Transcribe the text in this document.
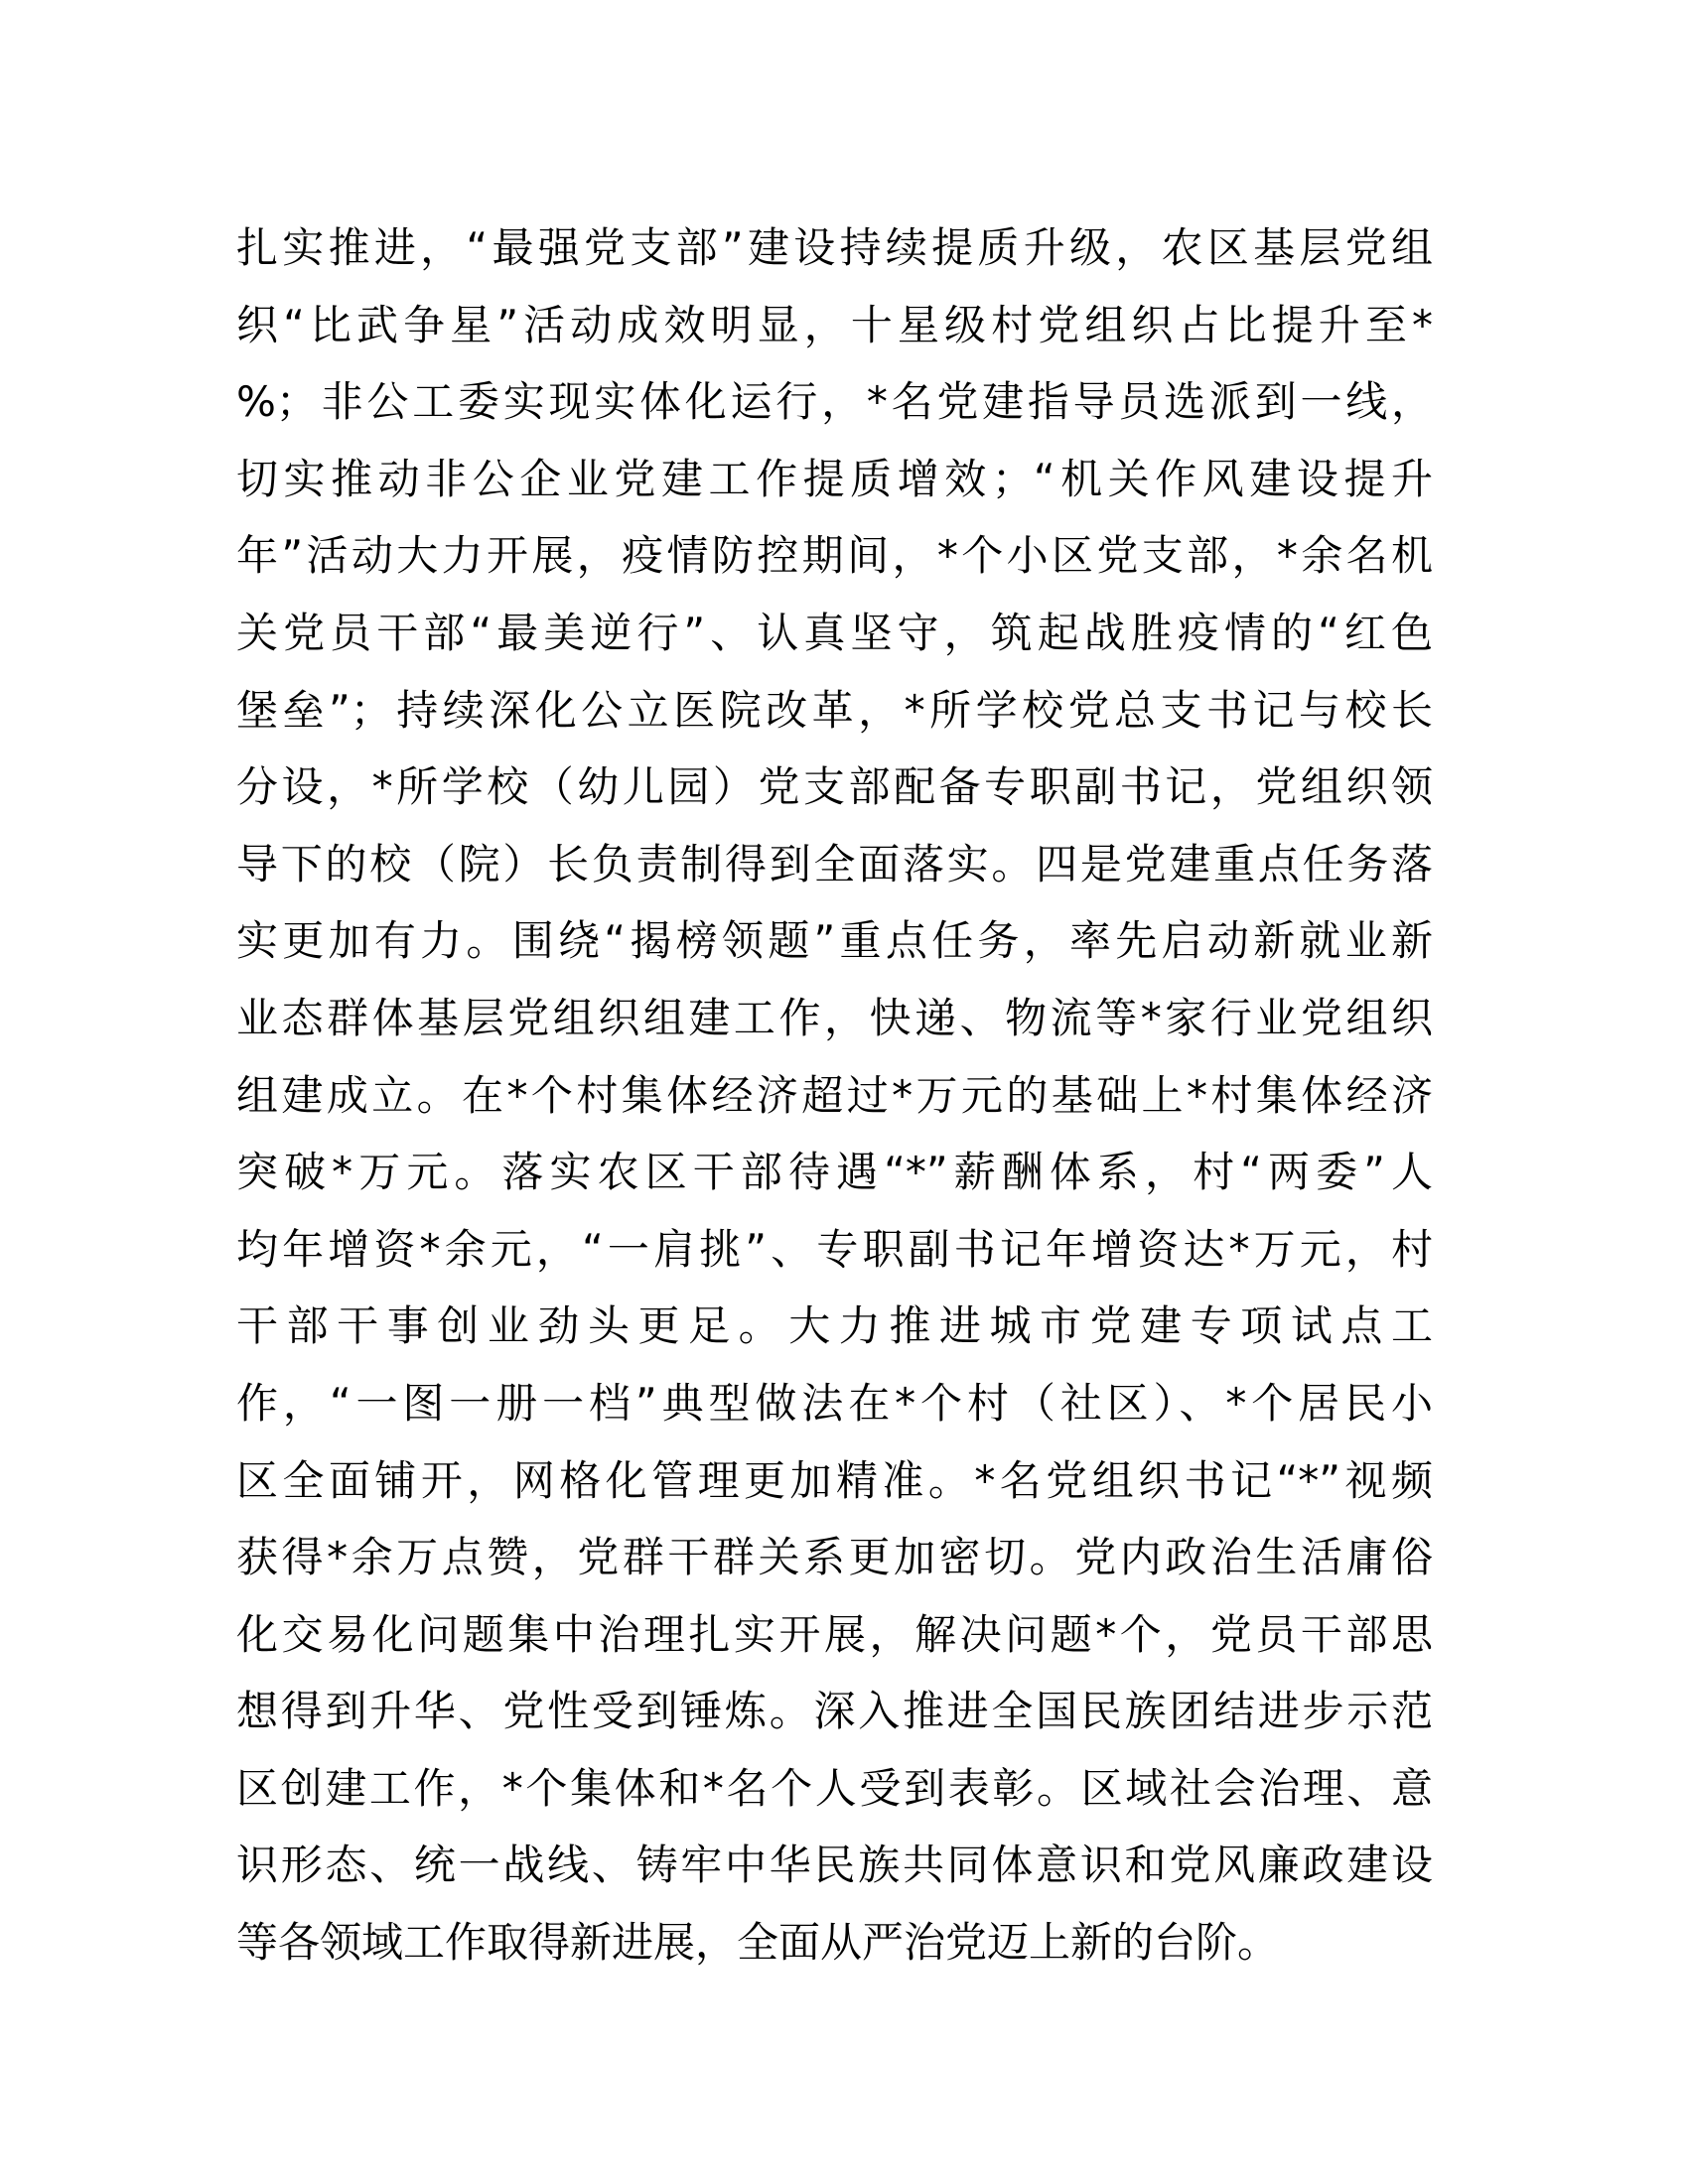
扎实推进，“最强党支部”建设持续提质升级，农区基层党组
织“比武争星”活动成效明显，十星级村党组织占比提升至*
%；非公工委实现实体化运行，*名党建指导员选派到一线，
切实推动非公企业党建工作提质增效；“机关作风建设提升
年”活动大力开展，疫情防控期间，*个小区党支部，*余名机
关党员干部“最美逆行”、认真坚守，筑起战胜疫情的“红色
堡垒”；持续深化公立医院改革，*所学校党总支书记与校长
分设，*所学校（幼儿园）党支部配备专职副书记，党组织领
导下的校（院）长负责制得到全面落实。四是党建重点任务落
实更加有力。围绕“揭榜领题”重点任务，率先启动新就业新
业态群体基层党组织组建工作，快递、物流等*家行业党组织
组建成立。在*个村集体经济超过*万元的基础上*村集体经济
突破*万元。落实农区干部待遇“*”薪酬体系，村“两委”人
均年增资*余元，“一肩挑”、专职副书记年增资达*万元，村
干部干事创业劲头更足。大力推进城市党建专项试点工
作，“一图一册一档”典型做法在*个村（社区）、*个居民小
区全面铺开，网格化管理更加精准。*名党组织书记“*”视频
获得*余万点赞，党群干群关系更加密切。党内政治生活庸俗
化交易化问题集中治理扎实开展，解决问题*个，党员干部思
想得到升华、党性受到锤炼。深入推进全国民族团结进步示范
区创建工作，*个集体和*名个人受到表彰。区域社会治理、意
识形态、统一战线、铸牢中华民族共同体意识和党风廉政建设
等各领域工作取得新进展，全面从严治党迈上新的台阶。
